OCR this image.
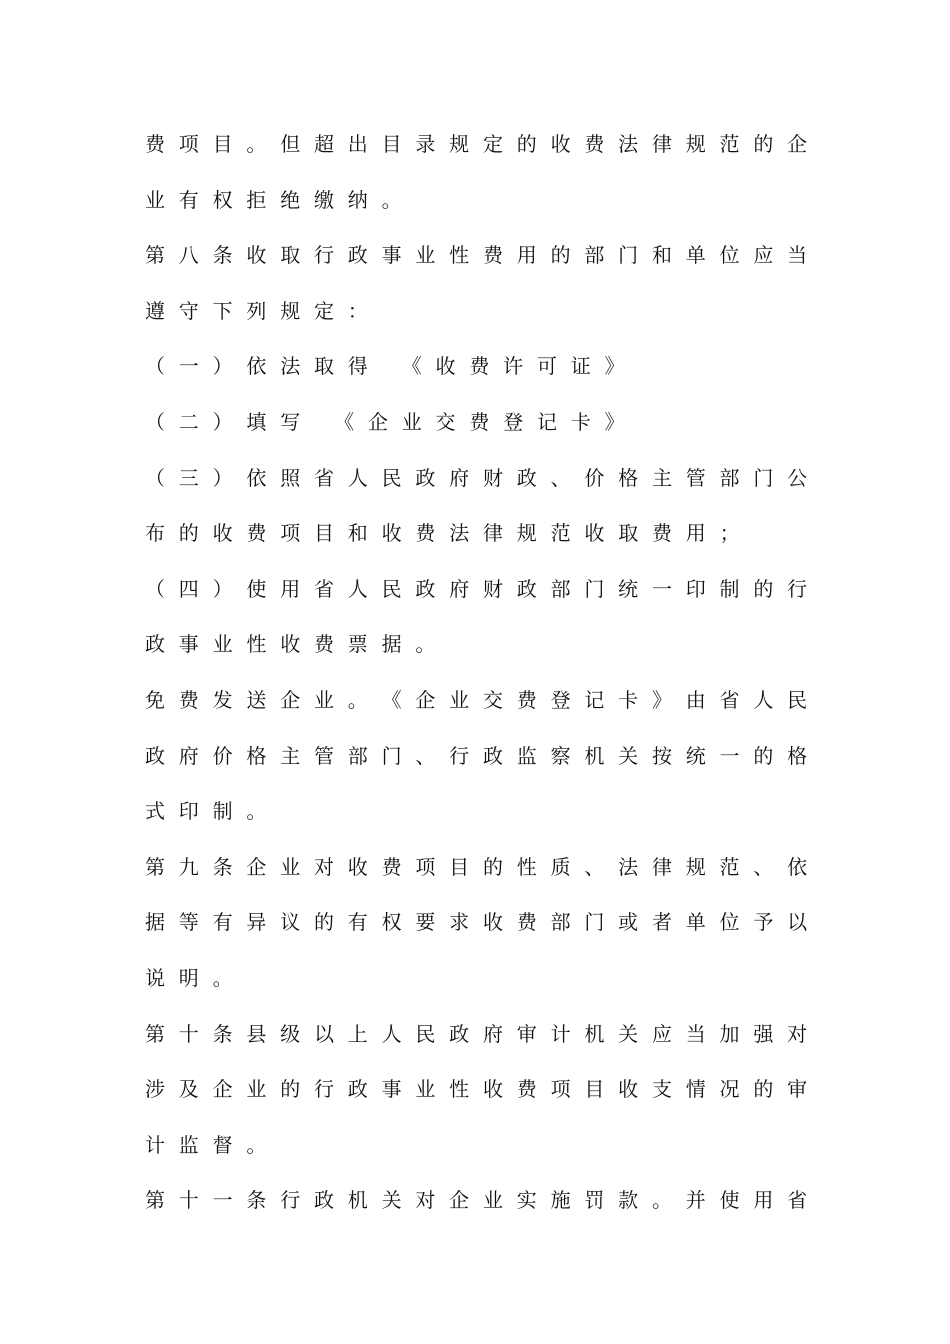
费 项 目 。 但 超 出 目 录 规 定 的 收 费 法 律 规 范 的 企
业有权拒绝缴纳。
第 八 条 收 取 行 政 事 业 性 费 用 的 部 门 和 单 位 应 当
遵守下列规定：
（一）依法取得 《收费许可证》
（二）填写 《企业交费登记卡》
（ 三 ） 依 照 省 人 民 政 府 财 政 、 价 格 主 管 部 门 公
布的收费项目和收费法律规范收取费用；
（ 四 ） 使 用 省 人 民 政 府 财 政 部 门 统 一 印 制 的 行
政事业性收费票据。
免 费 发 送 企 业 。 《 企 业 交 费 登 记 卡 》 由 省 人 民
政 府 价 格 主 管 部 门 、 行 政 监 察 机 关 按 统 一 的 格
式印制。
第 九 条 企 业 对 收 费 项 目 的 性 质 、 法 律 规 范 、 依
据 等 有 异 议 的 有 权 要 求 收 费 部 门 或 者 单 位 予 以
说明。
第 十 条 县 级 以 上 人 民 政 府 审 计 机 关 应 当 加 强 对
涉 及 企 业 的 行 政 事 业 性 收 费 项 目 收 支 情 况 的 审
计监督。
第 十 一 条 行 政 机 关 对 企 业 实 施 罚 款 。 并 使 用 省
